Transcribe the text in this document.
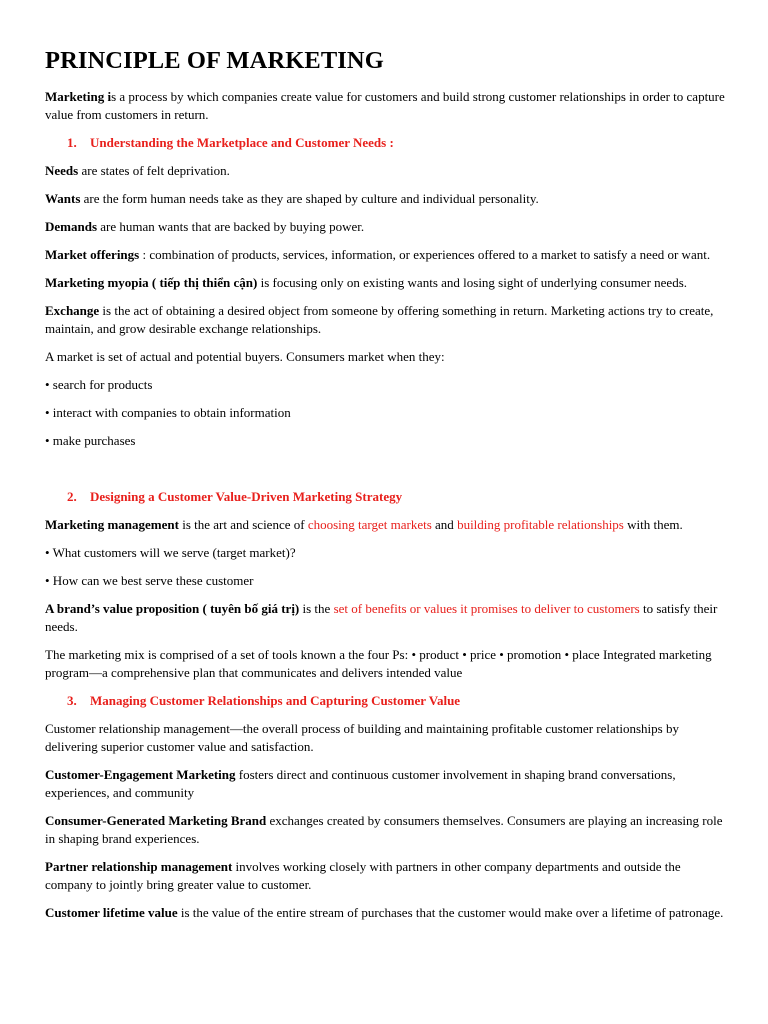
PRINCIPLE OF MARKETING

Marketing is a process by which companies create value for customers and build strong customer relationships in order to capture value from customers in return.

1. Understanding the Marketplace and Customer Needs :

Needs are states of felt deprivation.

Wants are the form human needs take as they are shaped by culture and individual personality.

Demands are human wants that are backed by buying power.

Market offerings : combination of products, services, information, or experiences offered to a market to satisfy a need or want.

Marketing myopia ( tiếp thị thiển cận) is focusing only on existing wants and losing sight of underlying consumer needs.

Exchange is the act of obtaining a desired object from someone by offering something in return. Marketing actions try to create, maintain, and grow desirable exchange relationships.

A market is set of actual and potential buyers. Consumers market when they:

• search for products

• interact with companies to obtain information

• make purchases

2. Designing a Customer Value-Driven Marketing Strategy

Marketing management is the art and science of choosing target markets and building profitable relationships with them.

• What customers will we serve (target market)?

• How can we best serve these customer

A brand’s value proposition ( tuyên bố giá trị) is the set of benefits or values it promises to deliver to customers to satisfy their needs.

The marketing mix is comprised of a set of tools known a the four Ps: • product • price • promotion • place Integrated marketing program—a comprehensive plan that communicates and delivers intended value

3. Managing Customer Relationships and Capturing Customer Value

Customer relationship management—the overall process of building and maintaining profitable customer relationships by delivering superior customer value and satisfaction.

Customer-Engagement Marketing fosters direct and continuous customer involvement in shaping brand conversations, experiences, and community

Consumer-Generated Marketing Brand exchanges created by consumers themselves. Consumers are playing an increasing role in shaping brand experiences.

Partner relationship management involves working closely with partners in other company departments and outside the company to jointly bring greater value to customer.

Customer lifetime value is the value of the entire stream of purchases that the customer would make over a lifetime of patronage.
